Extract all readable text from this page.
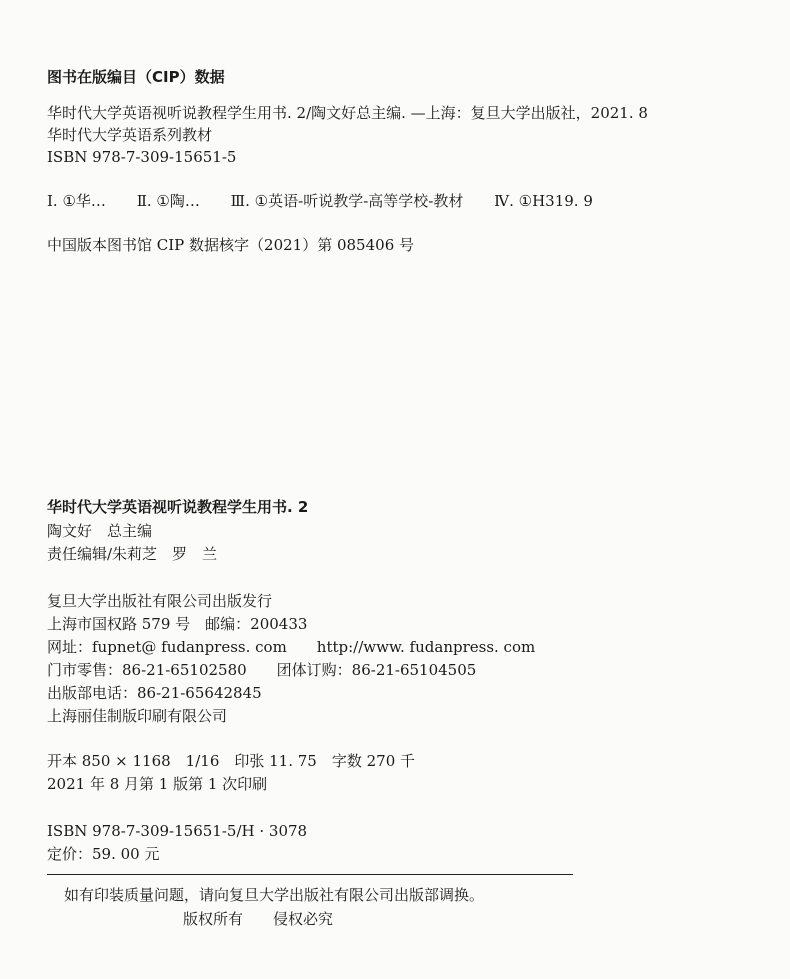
图书在版编目（CIP）数据
华时代大学英语视听说教程学生用书. 2/陶文好总主编. —上海：复旦大学出版社，2021. 8
华时代大学英语系列教材
ISBN 978-7-309-15651-5
Ⅰ. ①华… Ⅱ. ①陶… Ⅲ. ①英语-听说教学-高等学校-教材 Ⅳ. ①H319. 9
中国版本图书馆 CIP 数据核字（2021）第 085406 号
华时代大学英语视听说教程学生用书. 2
陶文好　总主编
责任编辑/朱莉芝　罗　兰
复旦大学出版社有限公司出版发行
上海市国权路 579 号　邮编：200433
网址：fupnet@ fudanpress. com　　http://www. fudanpress. com
门市零售：86-21-65102580　　团体订购：86-21-65104505
出版部电话：86-21-65642845
上海丽佳制版印刷有限公司
开本 850 × 1168　1/16　印张 11. 75　字数 270 千
2021 年 8 月第 1 版第 1 次印刷
ISBN 978-7-309-15651-5/H · 3078
定价：59. 00 元
如有印装质量问题，请向复旦大学出版社有限公司出版部调换。
版权所有　　侵权必究
